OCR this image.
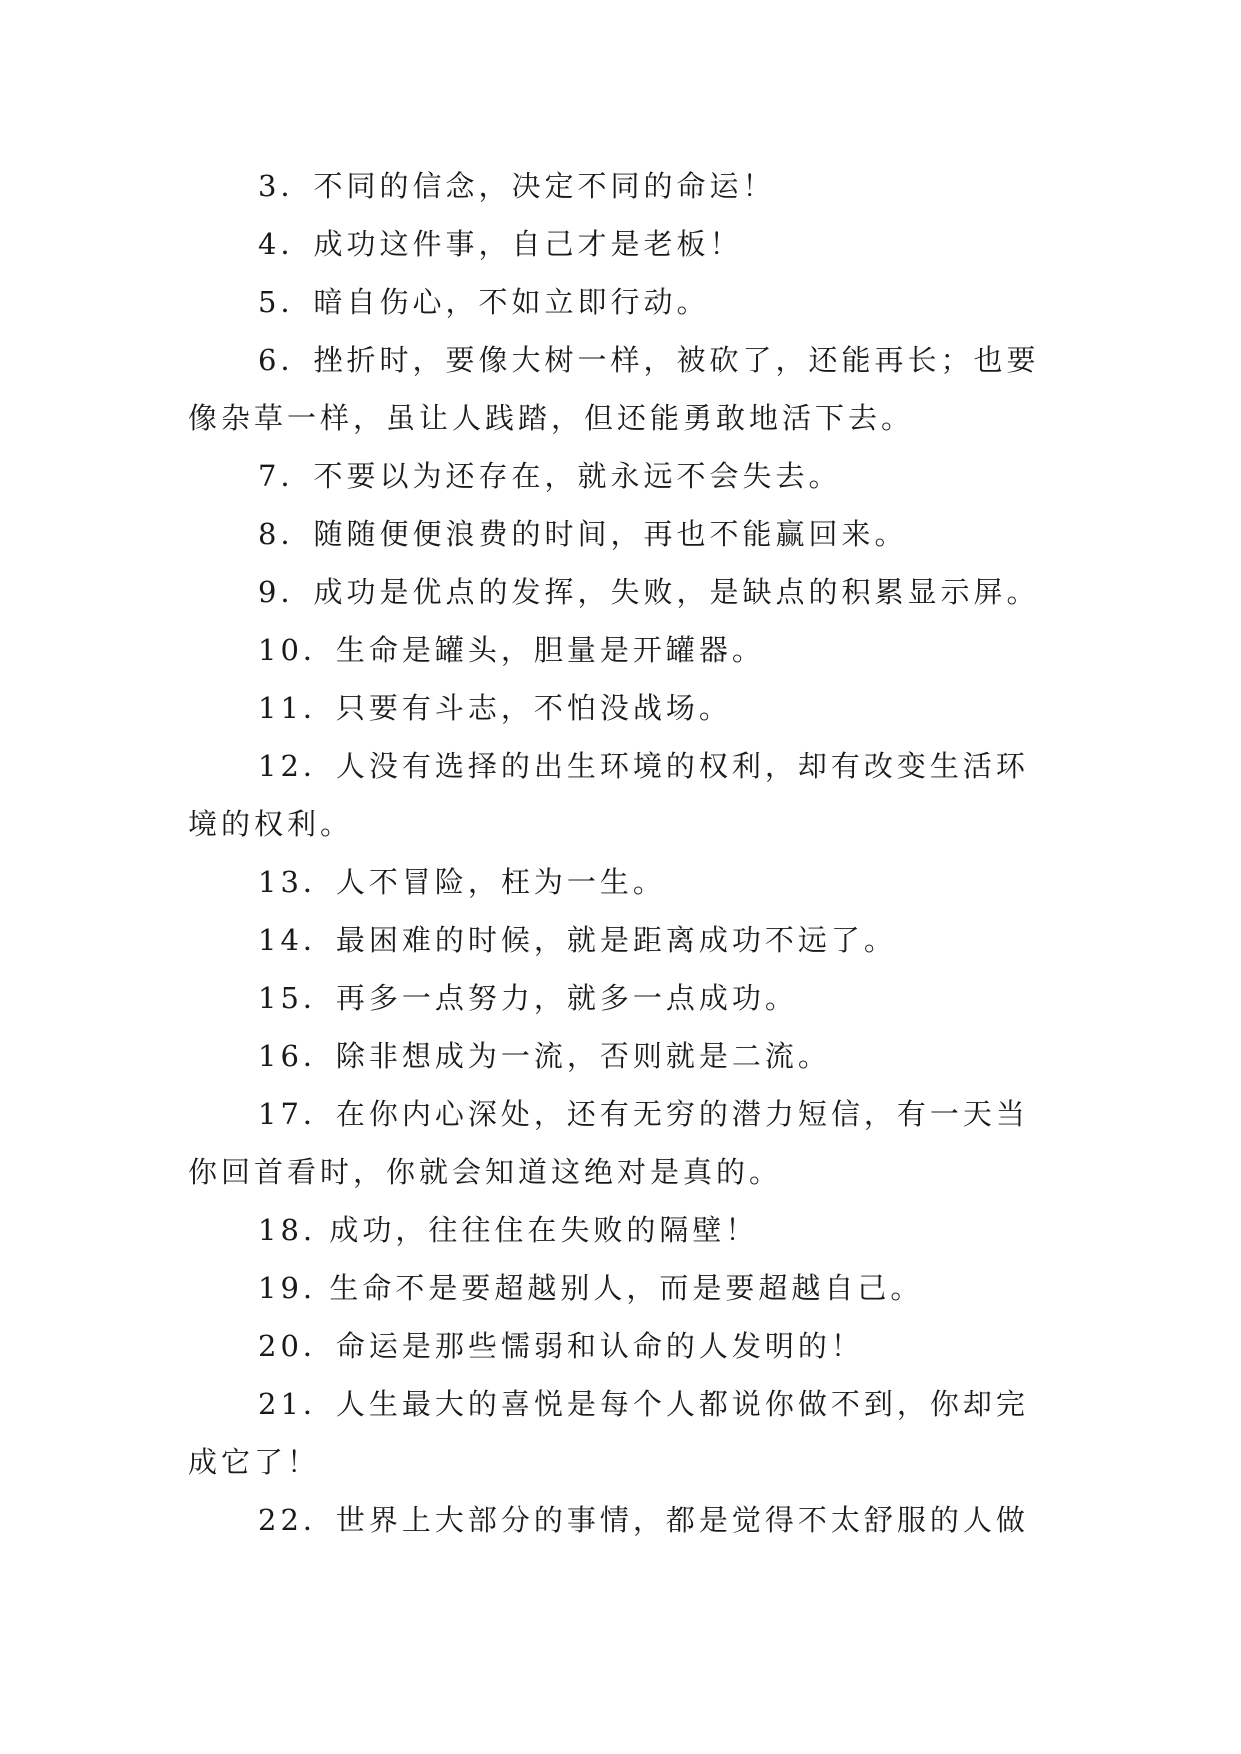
3．不同的信念，决定不同的命运！
4．成功这件事，自己才是老板！
5．暗自伤心，不如立即行动。
6．挫折时，要像大树一样，被砍了，还能再长；也要
像杂草一样，虽让人践踏，但还能勇敢地活下去。
7．不要以为还存在，就永远不会失去。
8．随随便便浪费的时间，再也不能赢回来。
9．成功是优点的发挥，失败，是缺点的积累显示屏。
10．生命是罐头，胆量是开罐器。
11．只要有斗志，不怕没战场。
12．人没有选择的出生环境的权利，却有改变生活环
境的权利。
13．人不冒险，枉为一生。
14．最困难的时候，就是距离成功不远了。
15．再多一点努力，就多一点成功。
16．除非想成为一流，否则就是二流。
17．在你内心深处，还有无穷的潜力短信，有一天当
你回首看时，你就会知道这绝对是真的。
18. 成功，往往住在失败的隔壁！
19. 生命不是要超越别人，而是要超越自己。
20．命运是那些懦弱和认命的人发明的！
21．人生最大的喜悦是每个人都说你做不到，你却完
成它了！
22．世界上大部分的事情，都是觉得不太舒服的人做
